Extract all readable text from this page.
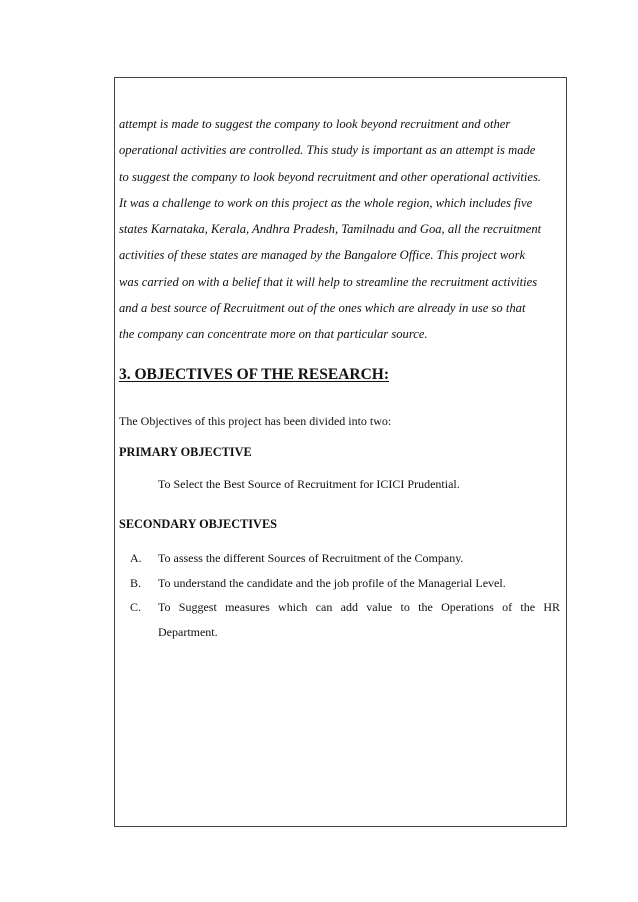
attempt is made to suggest the company to look beyond recruitment and other
operational activities are controlled. This study is important as an attempt is made
to suggest the company to look beyond recruitment and other operational activities.
It was a challenge to work on this project as the whole region, which includes five
states Karnataka, Kerala, Andhra Pradesh, Tamilnadu and Goa, all the recruitment
activities of these states are managed by the Bangalore Office. This project work
was carried on with a belief that it will help to streamline the recruitment activities
and a best source of Recruitment out of the ones which are already in use so that
the company can concentrate more on that particular source.

3. OBJECTIVES OF THE RESEARCH:

The Objectives of this project has been divided into two:

PRIMARY OBJECTIVE

To Select the Best Source of Recruitment for ICICI Prudential.

SECONDARY OBJECTIVES

A. To assess the different Sources of Recruitment of the Company.
B. To understand the candidate and the job profile of the Managerial Level.
C. To Suggest measures which can add value to the Operations of the HR
Department.
